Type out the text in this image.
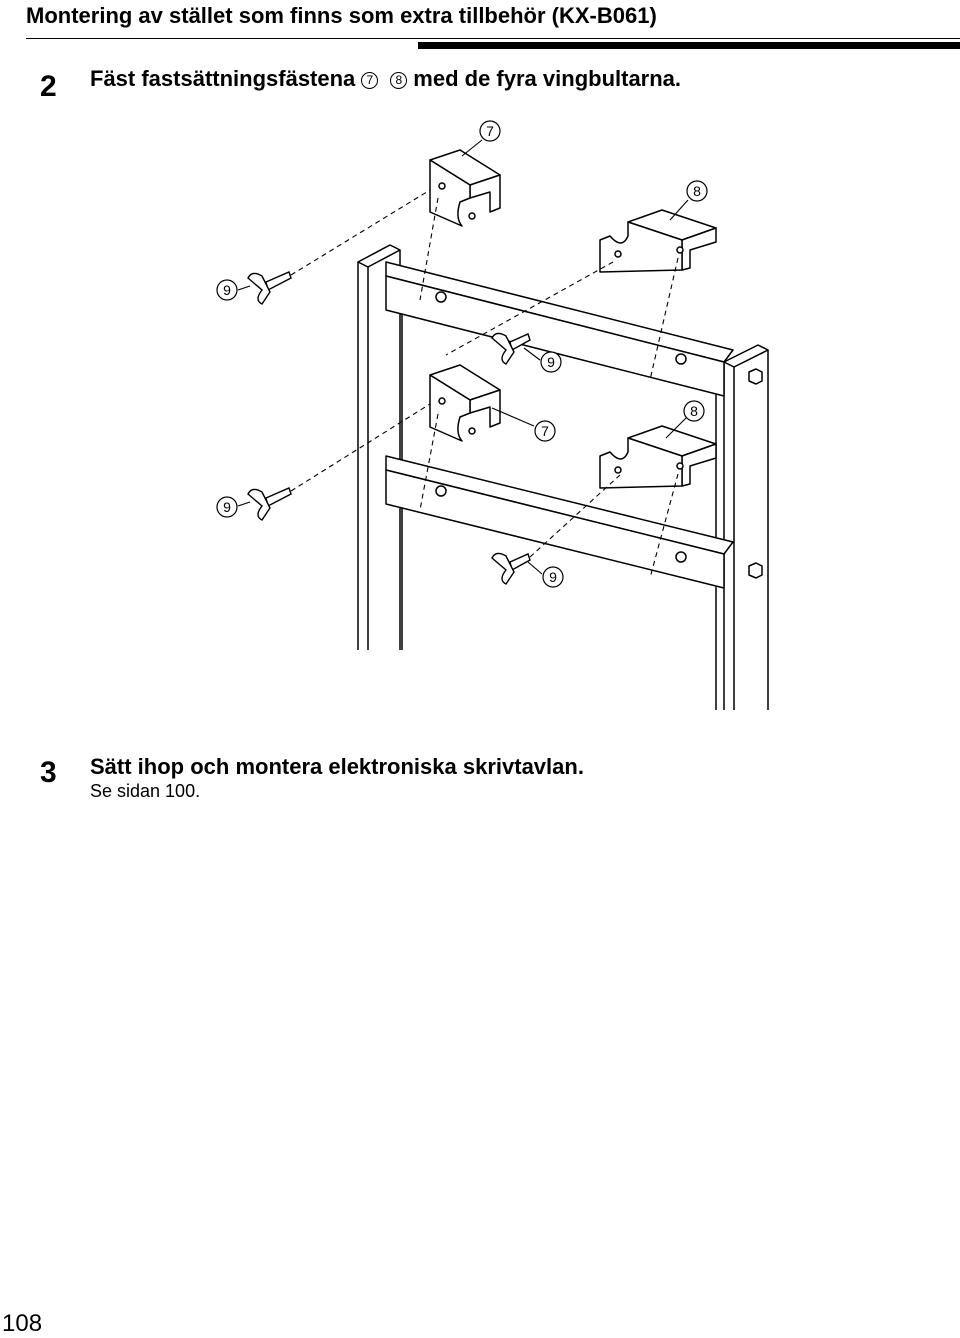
Montering av stället som finns som extra tillbehör (KX-B061)
2 Fäst fastsättningsfästena 7 8 med de fyra vingbultarna.
7
8
9
9
7
8
9
9
3 Sätt ihop och montera elektroniska skrivtavlan.
Se sidan 100.
108
